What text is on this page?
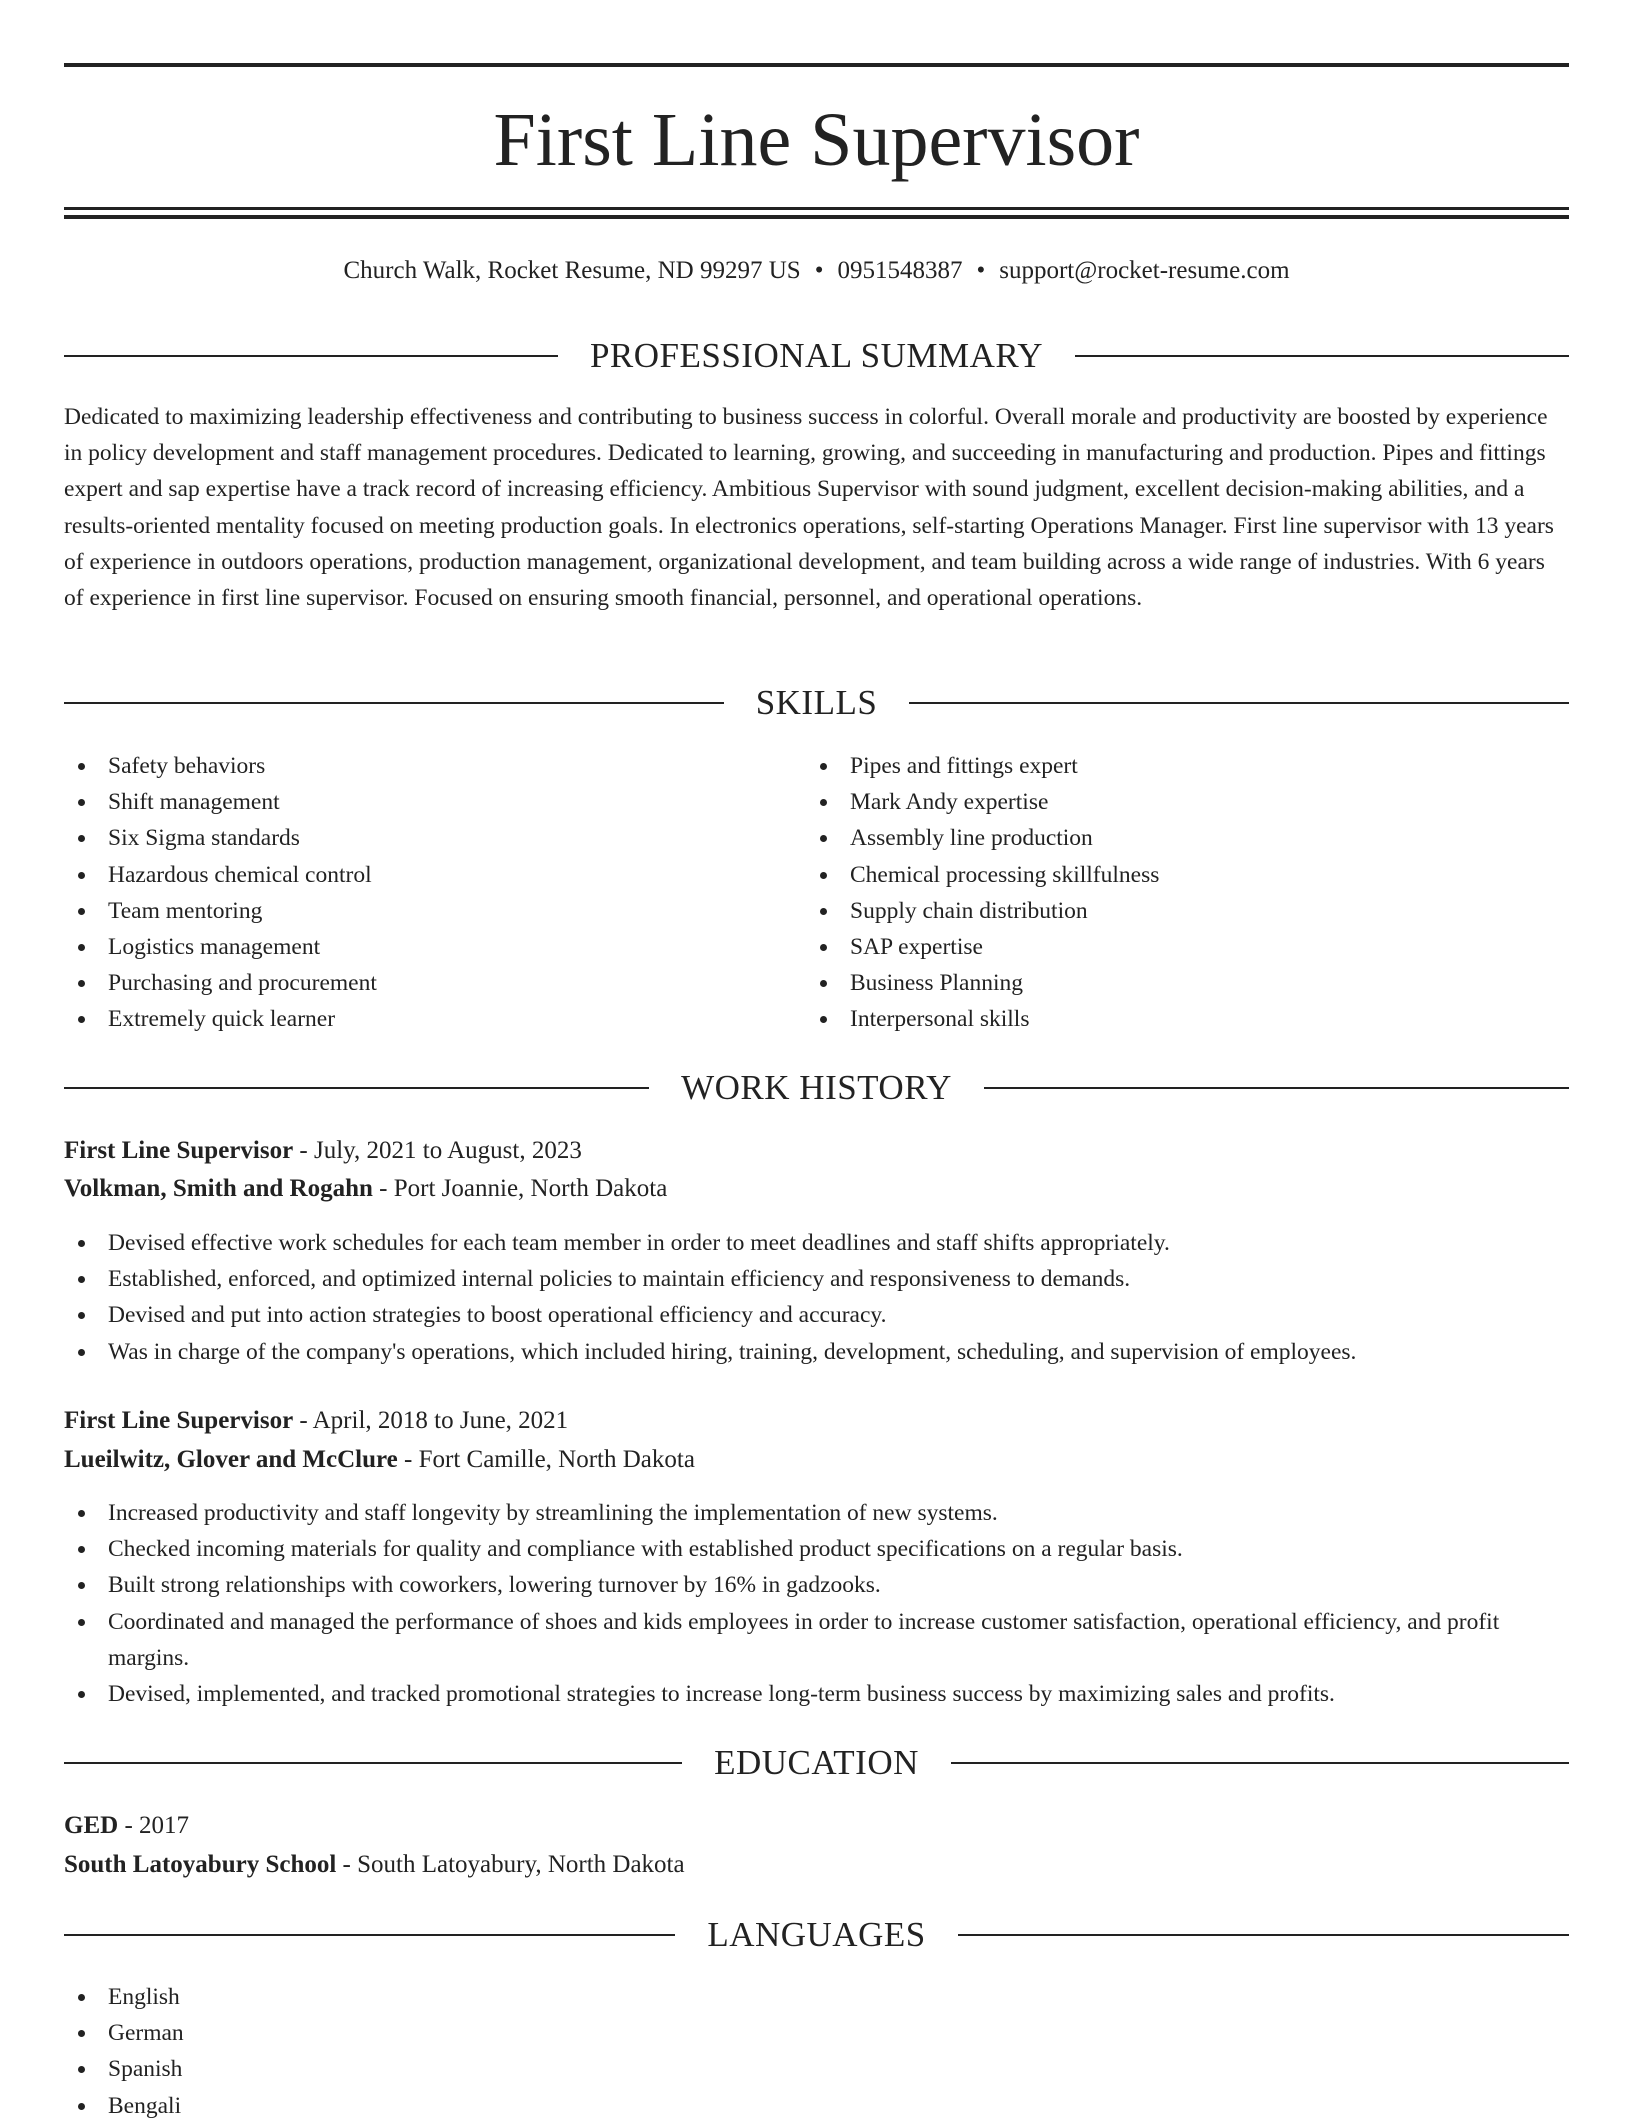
First Line Supervisor
Church Walk, Rocket Resume, ND 99297 US • 0951548387 • support@rocket-resume.com
PROFESSIONAL SUMMARY

Dedicated to maximizing leadership effectiveness and contributing to business success in colorful. Overall morale and productivity are boosted by experience in policy development and staff management procedures. Dedicated to learning, growing, and succeeding in manufacturing and production. Pipes and fittings expert and sap expertise have a track record of increasing efficiency. Ambitious Supervisor with sound judgment, excellent decision-making abilities, and a results-oriented mentality focused on meeting production goals. In electronics operations, self-starting Operations Manager. First line supervisor with 13 years of experience in outdoors operations, production management, organizational development, and team building across a wide range of industries. With 6 years of experience in first line supervisor. Focused on ensuring smooth financial, personnel, and operational operations.

SKILLS
Safety behaviors
Shift management
Six Sigma standards
Hazardous chemical control
Team mentoring
Logistics management
Purchasing and procurement
Extremely quick learner
Pipes and fittings expert
Mark Andy expertise
Assembly line production
Chemical processing skillfulness
Supply chain distribution
SAP expertise
Business Planning
Interpersonal skills
WORK HISTORY
First Line Supervisor - July, 2021 to August, 2023
Volkman, Smith and Rogahn - Port Joannie, North Dakota
Devised effective work schedules for each team member in order to meet deadlines and staff shifts appropriately.
Established, enforced, and optimized internal policies to maintain efficiency and responsiveness to demands.
Devised and put into action strategies to boost operational efficiency and accuracy.
Was in charge of the company's operations, which included hiring, training, development, scheduling, and supervision of employees.
First Line Supervisor - April, 2018 to June, 2021
Lueilwitz, Glover and McClure - Fort Camille, North Dakota
Increased productivity and staff longevity by streamlining the implementation of new systems.
Checked incoming materials for quality and compliance with established product specifications on a regular basis.
Built strong relationships with coworkers, lowering turnover by 16% in gadzooks.
Coordinated and managed the performance of shoes and kids employees in order to increase customer satisfaction, operational efficiency, and profit margins.
Devised, implemented, and tracked promotional strategies to increase long-term business success by maximizing sales and profits.
EDUCATION
GED - 2017
South Latoyabury School - South Latoyabury, North Dakota
LANGUAGES
English
German
Spanish
Bengali
